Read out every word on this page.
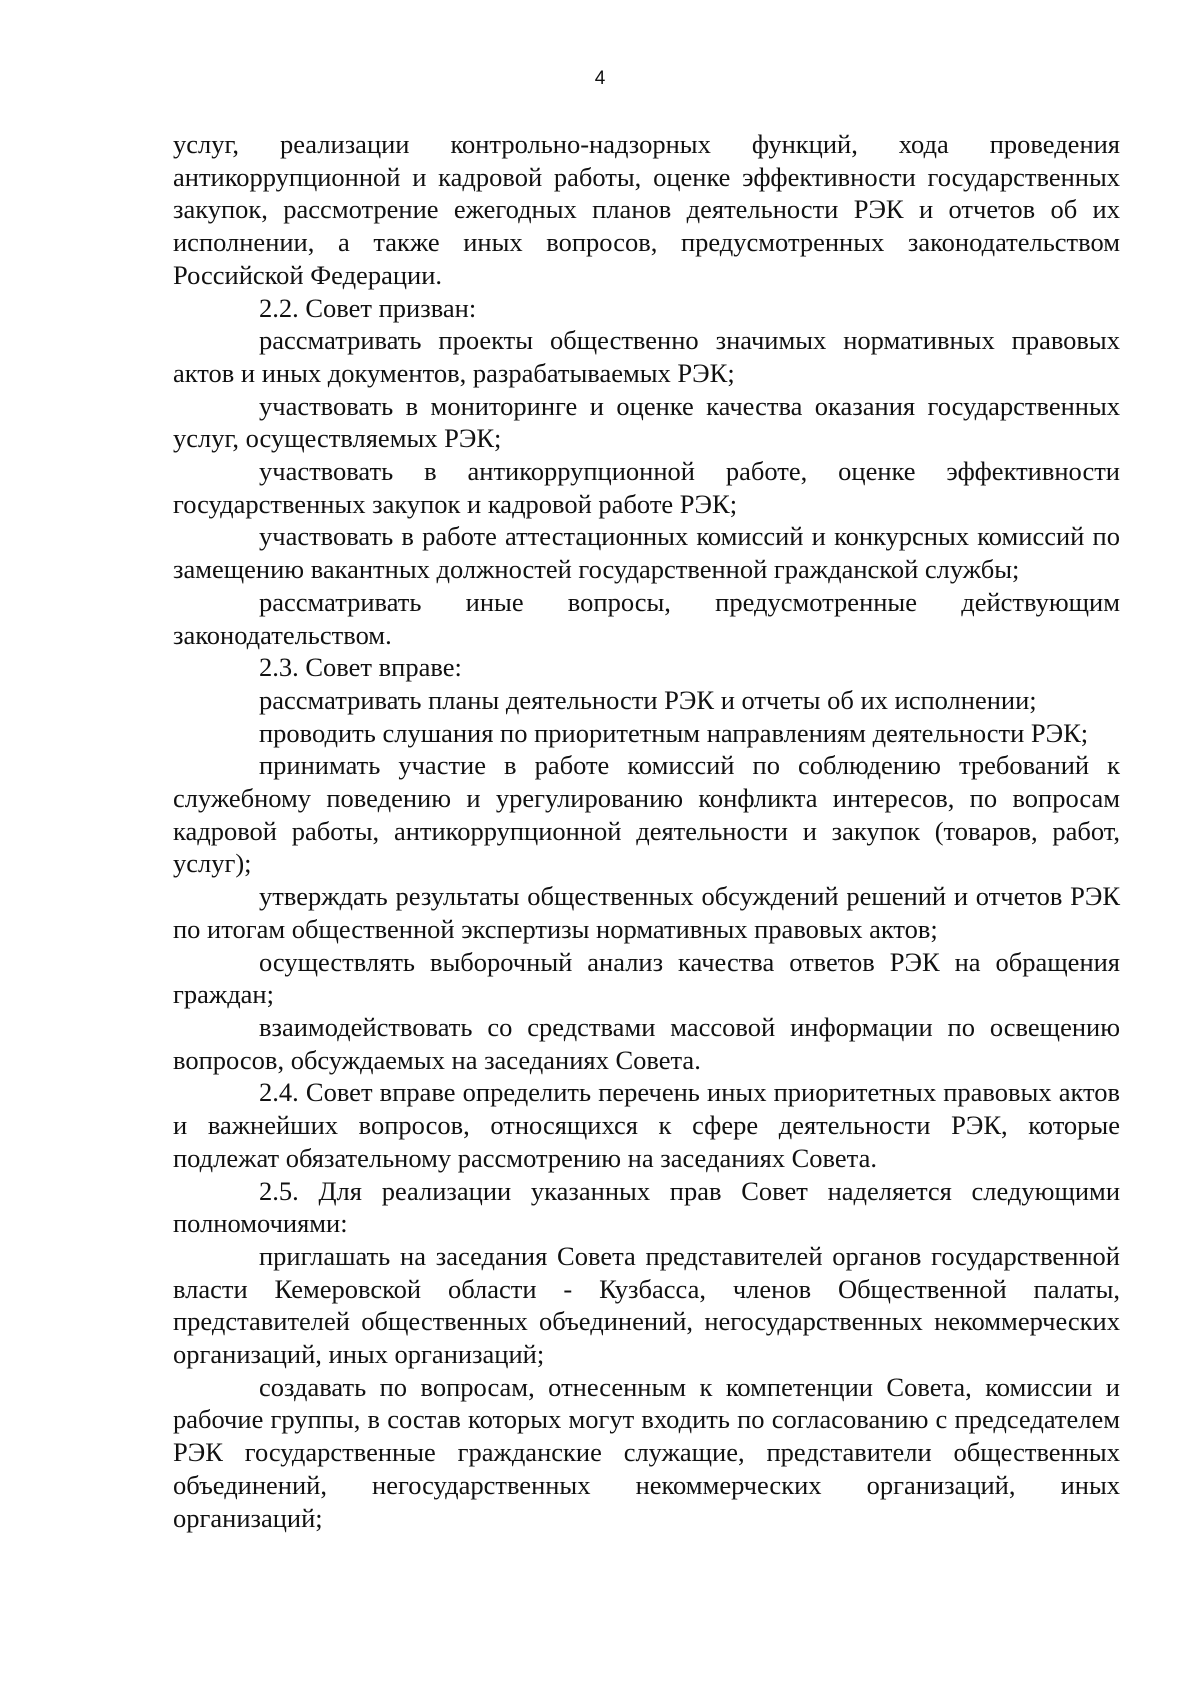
4

услуг, реализации контрольно-надзорных функций, хода проведения антикоррупционной и кадровой работы, оценке эффективности государственных закупок, рассмотрение ежегодных планов деятельности РЭК и отчетов об их исполнении, а также иных вопросов, предусмотренных законодательством Российской Федерации.

2.2. Совет призван:

рассматривать проекты общественно значимых нормативных правовых актов и иных документов, разрабатываемых РЭК;

участвовать в мониторинге и оценке качества оказания государственных услуг, осуществляемых РЭК;

участвовать в антикоррупционной работе, оценке эффективности государственных закупок и кадровой работе РЭК;

участвовать в работе аттестационных комиссий и конкурсных комиссий по замещению вакантных должностей государственной гражданской службы;

рассматривать иные вопросы, предусмотренные действующим законодательством.

2.3. Совет вправе:

рассматривать планы деятельности РЭК и отчеты об их исполнении;

проводить слушания по приоритетным направлениям деятельности РЭК;

принимать участие в работе комиссий по соблюдению требований к служебному поведению и урегулированию конфликта интересов, по вопросам кадровой работы, антикоррупционной деятельности и закупок (товаров, работ, услуг);

утверждать результаты общественных обсуждений решений и отчетов РЭК по итогам общественной экспертизы нормативных правовых актов;

осуществлять выборочный анализ качества ответов РЭК на обращения граждан;

взаимодействовать со средствами массовой информации по освещению вопросов, обсуждаемых на заседаниях Совета.

2.4. Совет вправе определить перечень иных приоритетных правовых актов и важнейших вопросов, относящихся к сфере деятельности РЭК, которые подлежат обязательному рассмотрению на заседаниях Совета.

2.5. Для реализации указанных прав Совет наделяется следующими полномочиями:

приглашать на заседания Совета представителей органов государственной власти Кемеровской области - Кузбасса, членов Общественной палаты, представителей общественных объединений, негосударственных некоммерческих организаций, иных организаций;

создавать по вопросам, отнесенным к компетенции Совета, комиссии и рабочие группы, в состав которых могут входить по согласованию с председателем РЭК государственные гражданские служащие, представители общественных объединений, негосударственных некоммерческих организаций, иных организаций;
